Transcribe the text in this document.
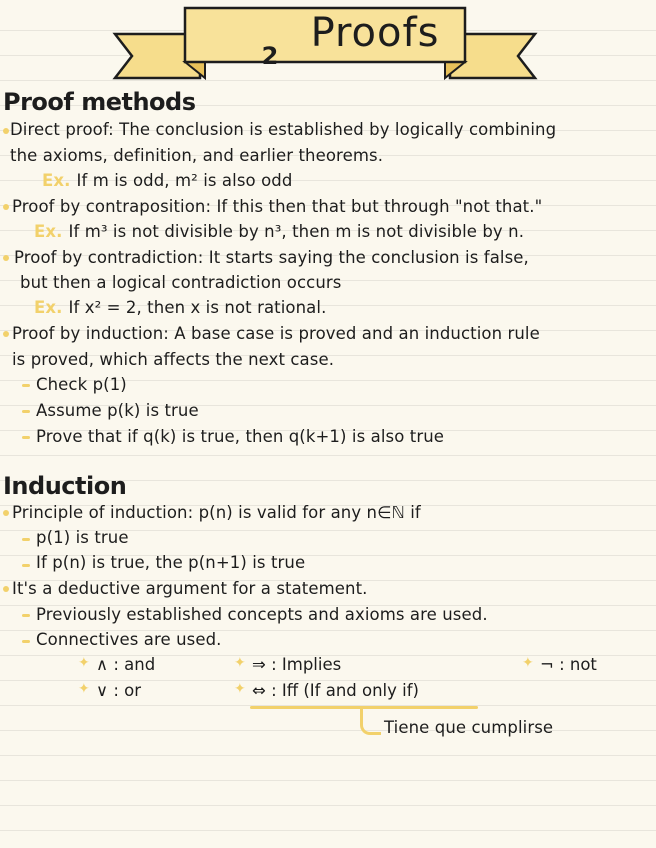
2 Proofs
Proof methods
Direct proof: The conclusion is established by logically combining
the axioms, definition, and earlier theorems.
Ex. If m is odd, m² is also odd
Proof by contraposition: If this then that but through "not that."
Ex. If m³ is not divisible by n³, then m is not divisible by n.
Proof by contradiction: It starts saying the conclusion is false,
but then a logical contradiction occurs
Ex. If x² = 2, then x is not rational.
Proof by induction: A base case is proved and an induction rule
is proved, which affects the next case.
Check p(1)
Assume p(k) is true
Prove that if q(k) is true, then q(k+1) is also true
Induction
Principle of induction: p(n) is valid for any n∈ℕ if
p(1) is true
If p(n) is true, the p(n+1) is true
It's a deductive argument for a statement.
Previously established concepts and axioms are used.
Connectives are used.
✦ ∧ : and	✦ ⇒ : Implies	✦ ¬ : not
✦ ∨ : or	✦ ⇔ : Iff (If and only if)
Tiene que cumplirse
